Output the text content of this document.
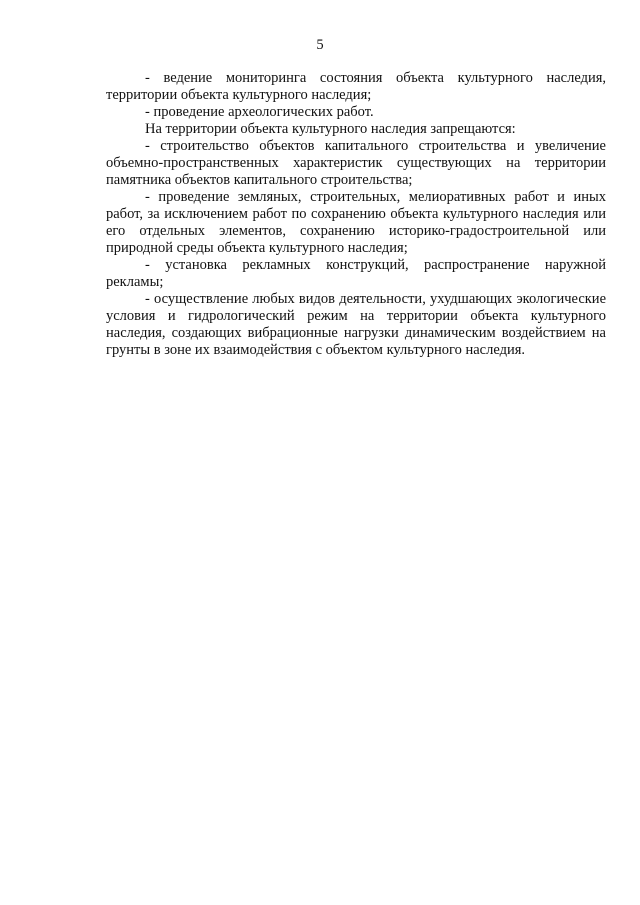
5

- ведение мониторинга состояния объекта культурного наследия, территории объекта культурного наследия;

- проведение археологических работ.

На территории объекта культурного наследия запрещаются:

- строительство объектов капитального строительства и увеличение объемно-пространственных характеристик существующих на территории памятника объектов капитального строительства;

- проведение земляных, строительных, мелиоративных работ и иных работ, за исключением работ по сохранению объекта культурного наследия или его отдельных элементов, сохранению историко-градостроительной или природной среды объекта культурного наследия;

- установка рекламных конструкций, распространение наружной рекламы;

- осуществление любых видов деятельности, ухудшающих экологические условия и гидрологический режим на территории объекта культурного наследия, создающих вибрационные нагрузки динамическим воздействием на грунты в зоне их взаимодействия с объектом культурного наследия.
